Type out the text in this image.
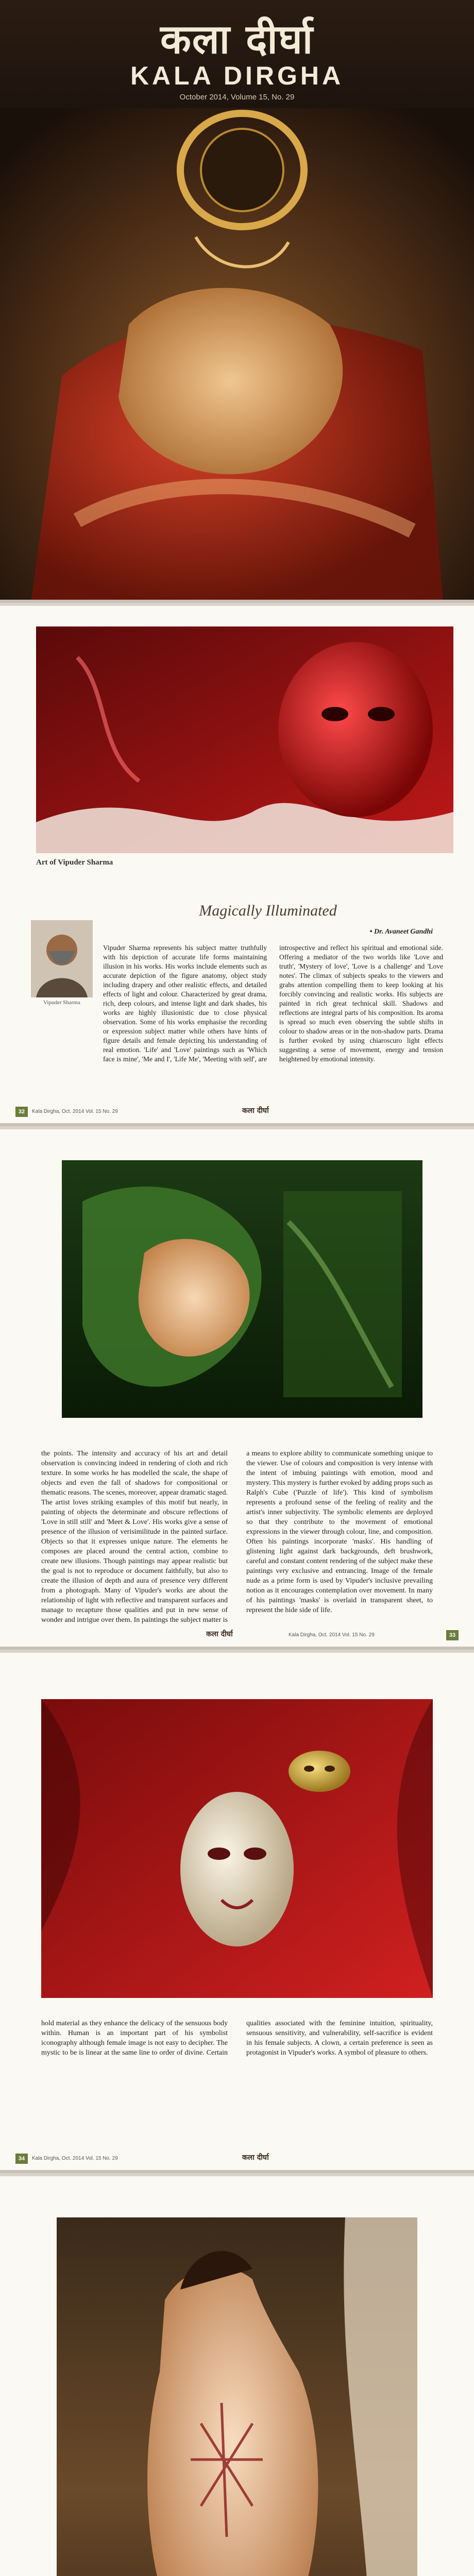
कला दीर्घा
KALA DIRGHA
October 2014, Volume 15, No. 29
Art of Vipuder Sharma
Vipuder Sharma
Magically Illuminated
• Dr. Avaneet Gandhi
Vipuder Sharma represents his subject matter truthfully with his depiction of accurate life forms maintaining illusion in his works. His works include elements such as accurate depiction of the figure anatomy, object study including drapery and other realistic effects, and detailed effects of light and colour. Characterized by great drama, rich, deep colours, and intense light and dark shades, his works are highly illusionistic due to close physical observation. Some of his works emphasise the recording or expression subject matter while others have hints of figure details and female depicting his understanding of real emotion. 'Life' and 'Love' paintings such as 'Which face is mine', 'Me and I', 'Life Me', 'Meeting with self', are introspective and reflect his spiritual and emotional side. Offering a mediator of the two worlds like 'Love and truth', 'Mystery of love', 'Love is a challenge' and 'Love notes'. The climax of subjects speaks to the viewers and grabs attention compelling them to keep looking at his forcibly convincing and realistic works. His subjects are painted in rich great technical skill. Shadows and reflections are integral parts of his composition. Its aroma is spread so much even observing the subtle shifts in colour to shadow areas or in the non-shadow parts. Drama is further evoked by using chiaroscuro light effects suggesting a sense of movement, energy and tension heightened by emotional intensity.
32	Kala Dirgha, Oct. 2014 Vol. 15 No. 29	कला दीर्घा
the points. The intensity and accuracy of his art and detail observation is convincing indeed in rendering of cloth and rich texture. In some works he has modelled the scale, the shape of objects and even the fall of shadows for compositional or thematic reasons. The scenes, moreover, appear dramatic staged. The artist loves striking examples of this motif but nearly, in painting of objects the determinate and obscure reflections of 'Love in still still' and 'Meet & Love'. His works give a sense of presence of the illusion of verisimilitude in the painted surface. Objects so that it expresses unique nature. The elements he composes are placed around the central action, combine to create new illusions. Though paintings may appear realistic but the goal is not to reproduce or document faithfully, but also to create the illusion of depth and aura of presence very different from a photograph. Many of Vipuder's works are about the relationship of light with reflective and transparent surfaces and manage to recapture those qualities and put in new sense of wonder and intrigue over them. In paintings the subject matter is a means to explore ability to communicate something unique to the viewer. Use of colours and composition is very intense with the intent of imbuing paintings with emotion, mood and mystery. This mystery is further evoked by adding props such as Ralph's Cube ('Puzzle of life'). This kind of symbolism represents a profound sense of the feeling of reality and the artist's inner subjectivity. The symbolic elements are deployed so that they contribute to the movement of emotional expressions in the viewer through colour, line, and composition. Often his paintings incorporate 'masks'. His handling of glistening light against dark backgrounds, deft brushwork, careful and constant content rendering of the subject make these paintings very exclusive and entrancing. Image of the female nude as a prime form is used by Vipuder's inclusive prevailing notion as it encourages contemplation over movement. In many of his paintings 'masks' is overlaid in transparent sheet, to represent the hide side of life.
कला दीर्घा	Kala Dirgha, Oct. 2014 Vol. 15 No. 29	33
hold material as they enhance the delicacy of the sensuous body within. Human is an important part of his symbolist iconography although female image is not easy to decipher. The mystic to be is linear at the same line to order of divine. Certain qualities associated with the feminine intuition, spirituality, sensuous sensitivity, and vulnerability, self-sacrifice is evident in his female subjects. A clown, a certain preference is seen as protagonist in Vipuder's works. A symbol of pleasure to others.
34	Kala Dirgha, Oct. 2014 Vol. 15 No. 29	कला दीर्घा
